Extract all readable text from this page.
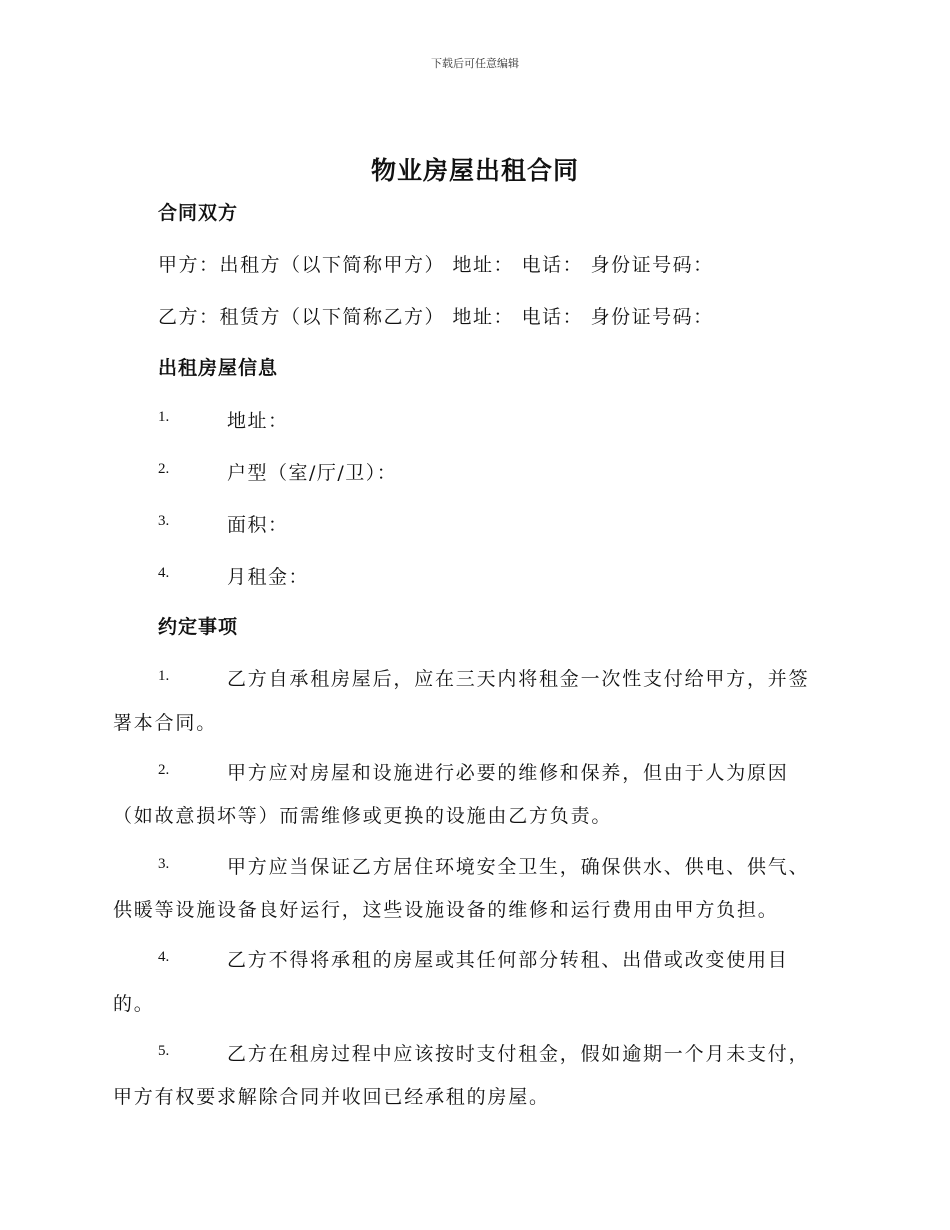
下载后可任意编辑
物业房屋出租合同
合同双方
甲方：出租方（以下简称甲方） 地址： 电话： 身份证号码：
乙方：租赁方（以下简称乙方） 地址： 电话： 身份证号码：
出租房屋信息
1.	地址：
2.	户型（室/厅/卫）：
3.	面积：
4.	月租金：
约定事项
1.	乙方自承租房屋后，应在三天内将租金一次性支付给甲方，并签
署本合同。
2.	甲方应对房屋和设施进行必要的维修和保养，但由于人为原因
（如故意损坏等）而需维修或更换的设施由乙方负责。
3.	甲方应当保证乙方居住环境安全卫生，确保供水、供电、供气、
供暖等设施设备良好运行，这些设施设备的维修和运行费用由甲方负担。
4.	乙方不得将承租的房屋或其任何部分转租、出借或改变使用目
的。
5.	乙方在租房过程中应该按时支付租金，假如逾期一个月未支付，
甲方有权要求解除合同并收回已经承租的房屋。
